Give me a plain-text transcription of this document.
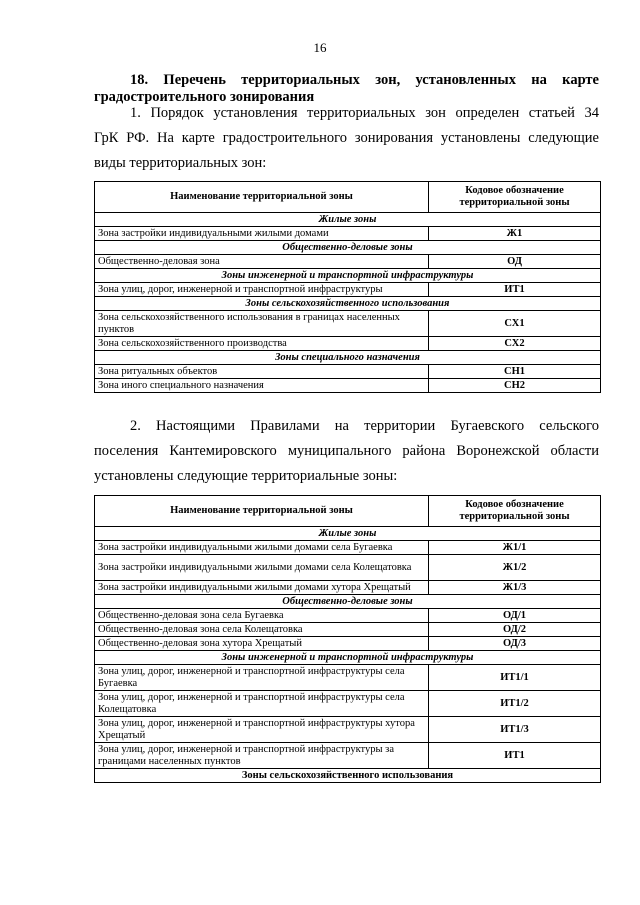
16
18. Перечень территориальных зон, установленных на карте
градостроительного зонирования
1. Порядок установления территориальных зон определен статьей 34
ГрК РФ. На карте градостроительного зонирования установлены следующие
виды территориальных зон:
Наименование территориальной зоны	Кодовое обозначение территориальной зоны
Жилые зоны	
Зона застройки индивидуальными жилыми домами	Ж1
Общественно-деловые зоны	
Общественно-деловая зона	ОД
Зоны инженерной и транспортной инфраструктуры	
Зона улиц, дорог, инженерной и транспортной инфраструктуры	ИТ1
Зоны сельскохозяйственного использования	
Зона сельскохозяйственного использования в границах населенных пунктов	СХ1
Зона сельскохозяйственного производства	СХ2
Зоны специального назначения	
Зона ритуальных объектов	СН1
Зона иного специального назначения	СН2
2. Настоящими Правилами на территории Бугаевского сельского
поселения Кантемировского муниципального района Воронежской области
установлены следующие территориальные зоны:
Наименование территориальной зоны	Кодовое обозначение территориальной зоны
Жилые зоны	
Зона застройки индивидуальными жилыми домами села Бугаевка	Ж1/1
Зона застройки индивидуальными жилыми домами села Колещатовка	Ж1/2
Зона застройки индивидуальными жилыми домами хутора Хрещатый	Ж1/3
Общественно-деловые зоны	
Общественно-деловая зона села Бугаевка	ОД/1
Общественно-деловая зона села Колещатовка	ОД/2
Общественно-деловая зона хутора Хрещатый	ОД/3
Зоны инженерной и транспортной инфраструктуры	
Зона улиц, дорог, инженерной и транспортной инфраструктуры села Бугаевка	ИТ1/1
Зона улиц, дорог, инженерной и транспортной инфраструктуры села Колещатовка	ИТ1/2
Зона улиц, дорог, инженерной и транспортной инфраструктуры хутора Хрещатый	ИТ1/3
Зона улиц, дорог, инженерной и транспортной инфраструктуры за границами населенных пунктов	ИТ1
Зоны сельскохозяйственного использования	
